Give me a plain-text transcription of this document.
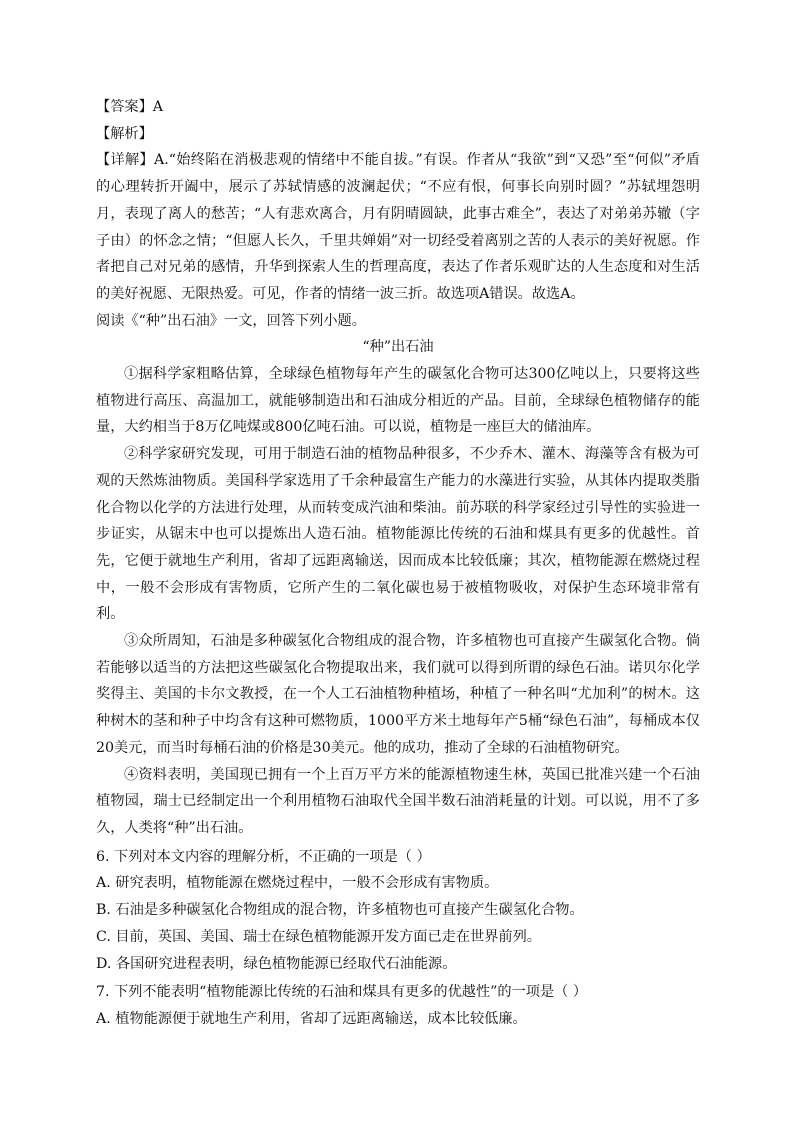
【答案】A
【解析】
【详解】A.“始终陷在消极悲观的情绪中不能自拔。”有误。作者从“我欲”到“又恐”至“何似”矛盾的心理转折开阖中，展示了苏轼情感的波澜起伏；“不应有恨，何事长向别时圆？”苏轼埋怨明月，表现了离人的愁苦；“人有悲欢离合，月有阴晴圆缺，此事古难全”，表达了对弟弟苏辙（字子由）的怀念之情；“但愿人长久，千里共婵娟”对一切经受着离别之苦的人表示的美好祝愿。作者把自己对兄弟的感情，升华到探索人生的哲理高度，表达了作者乐观旷达的人生态度和对生活的美好祝愿、无限热爱。可见，作者的情绪一波三折。故选项A错误。故选A。
阅读《“种”出石油》一文，回答下列小题。
“种”出石油
①据科学家粗略估算，全球绿色植物每年产生的碳氢化合物可达300亿吨以上，只要将这些植物进行高压、高温加工，就能够制造出和石油成分相近的产品。目前，全球绿色植物储存的能量，大约相当于8万亿吨煤或800亿吨石油。可以说，植物是一座巨大的储油库。
②科学家研究发现，可用于制造石油的植物品种很多，不少乔木、灌木、海藻等含有极为可观的天然炼油物质。美国科学家选用了千余种最富生产能力的水藻进行实验，从其体内提取类脂化合物以化学的方法进行处理，从而转变成汽油和柴油。前苏联的科学家经过引导性的实验进一步证实，从锯末中也可以提炼出人造石油。植物能源比传统的石油和煤具有更多的优越性。首先，它便于就地生产利用，省却了远距离输送，因而成本比较低廉；其次，植物能源在燃烧过程中，一般不会形成有害物质，它所产生的二氧化碳也易于被植物吸收，对保护生态环境非常有利。
③众所周知，石油是多种碳氢化合物组成的混合物，许多植物也可直接产生碳氢化合物。倘若能够以适当的方法把这些碳氢化合物提取出来，我们就可以得到所谓的绿色石油。诺贝尔化学奖得主、美国的卡尔文教授，在一个人工石油植物种植场，种植了一种名叫“尤加利”的树木。这种树木的茎和种子中均含有这种可燃物质，1000平方米土地每年产5桶“绿色石油”，每桶成本仅20美元，而当时每桶石油的价格是30美元。他的成功，推动了全球的石油植物研究。
④资料表明，美国现已拥有一个上百万平方米的能源植物速生林，英国已批准兴建一个石油植物园，瑞士已经制定出一个利用植物石油取代全国半数石油消耗量的计划。可以说，用不了多久，人类将“种”出石油。
6. 下列对本文内容的理解分析，不正确的一项是（ ）
A. 研究表明，植物能源在燃烧过程中，一般不会形成有害物质。
B. 石油是多种碳氢化合物组成的混合物，许多植物也可直接产生碳氢化合物。
C. 目前，英国、美国、瑞士在绿色植物能源开发方面已走在世界前列。
D. 各国研究进程表明，绿色植物能源已经取代石油能源。
7. 下列不能表明“植物能源比传统的石油和煤具有更多的优越性”的一项是（ ）
A. 植物能源便于就地生产利用，省却了远距离输送，成本比较低廉。
